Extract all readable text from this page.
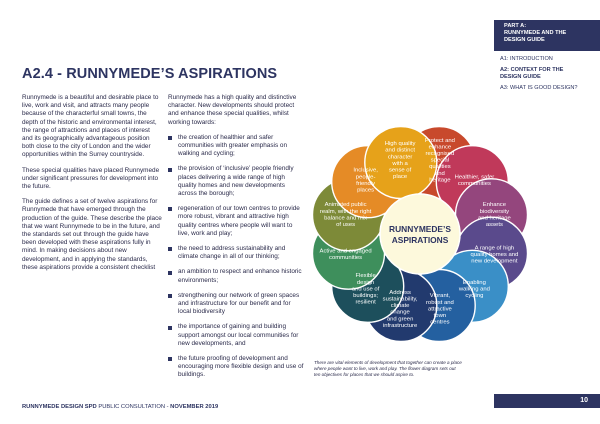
PART A:
RUNNYMEDE AND THE
DESIGN GUIDE
A1: INTRODUCTION
A2: CONTEXT FOR THE
DESIGN GUIDE
A3: WHAT IS GOOD DESIGN?
A2.4 - RUNNYMEDE’S ASPIRATIONS

Runnymede is a beautiful and desirable place to live, work and visit, and attracts many people because of the characterful small towns, the depth of the historic and environmental interest, the range of attractions and places of interest and its geographically advantageous position both close to the city of London and the wider opportunities within the Surrey countryside.

These special qualities have placed Runnymede under significant pressures for development into the future.

The guide defines a set of twelve aspirations for Runnymede that have emerged through the production of the guide. These describe the place that we want Runnymede to be in the future, and the standards set out through the guide have been developed with these aspirations fully in mind. In making decisions about new development, and in applying the standards, these aspirations provide a consistent checklist

Runnymede has a high quality and distinctive character. New developments should protect and enhance these special qualities, whilst working towards:

the creation of healthier and safer communities with greater emphasis on walking and cycling;
the provision of ‘inclusive’ people friendly places delivering a wide range of high quality homes and new developments across the borough;
regeneration of our town centres to provide more robust, vibrant and attractive high quality centres where people will want to live, work and play;
the need to address sustainability and climate change in all of our thinking;
an ambition to respect and enhance historic environments;
strengthening our network of green spaces and infrastructure for our benefit and for local biodiversity
the importance of gaining and building support amongst our local communities for new developments, and
the future proofing of development and encouraging more flexible design and use of buildings.
Protect and enhance recognised special qualities and heritage
Healthier, safer communities
Enhance biodiversity and heritage assets
A range of high quality homes and new development
Enabling walking and cycling
Vibrant, robust and attractive town centres
Address sustainability, climate change and green infrastructure
Flexible design and use of buildings; resilient
Active and engaged communities
Animated public realm, with the right balance and mix of uses
Inclusive, people-friendly places
High quality and distinct character with a sense of place
RUNNYMEDE’S
ASPIRATIONS
There are vital elements of development that together can create a place
where people want to live, work and play. The flower diagram sets out
ten objectives for places that we should aspire to.
RUNNYMEDE DESIGN SPD PUBLIC CONSULTATION - NOVEMBER 2019
10
